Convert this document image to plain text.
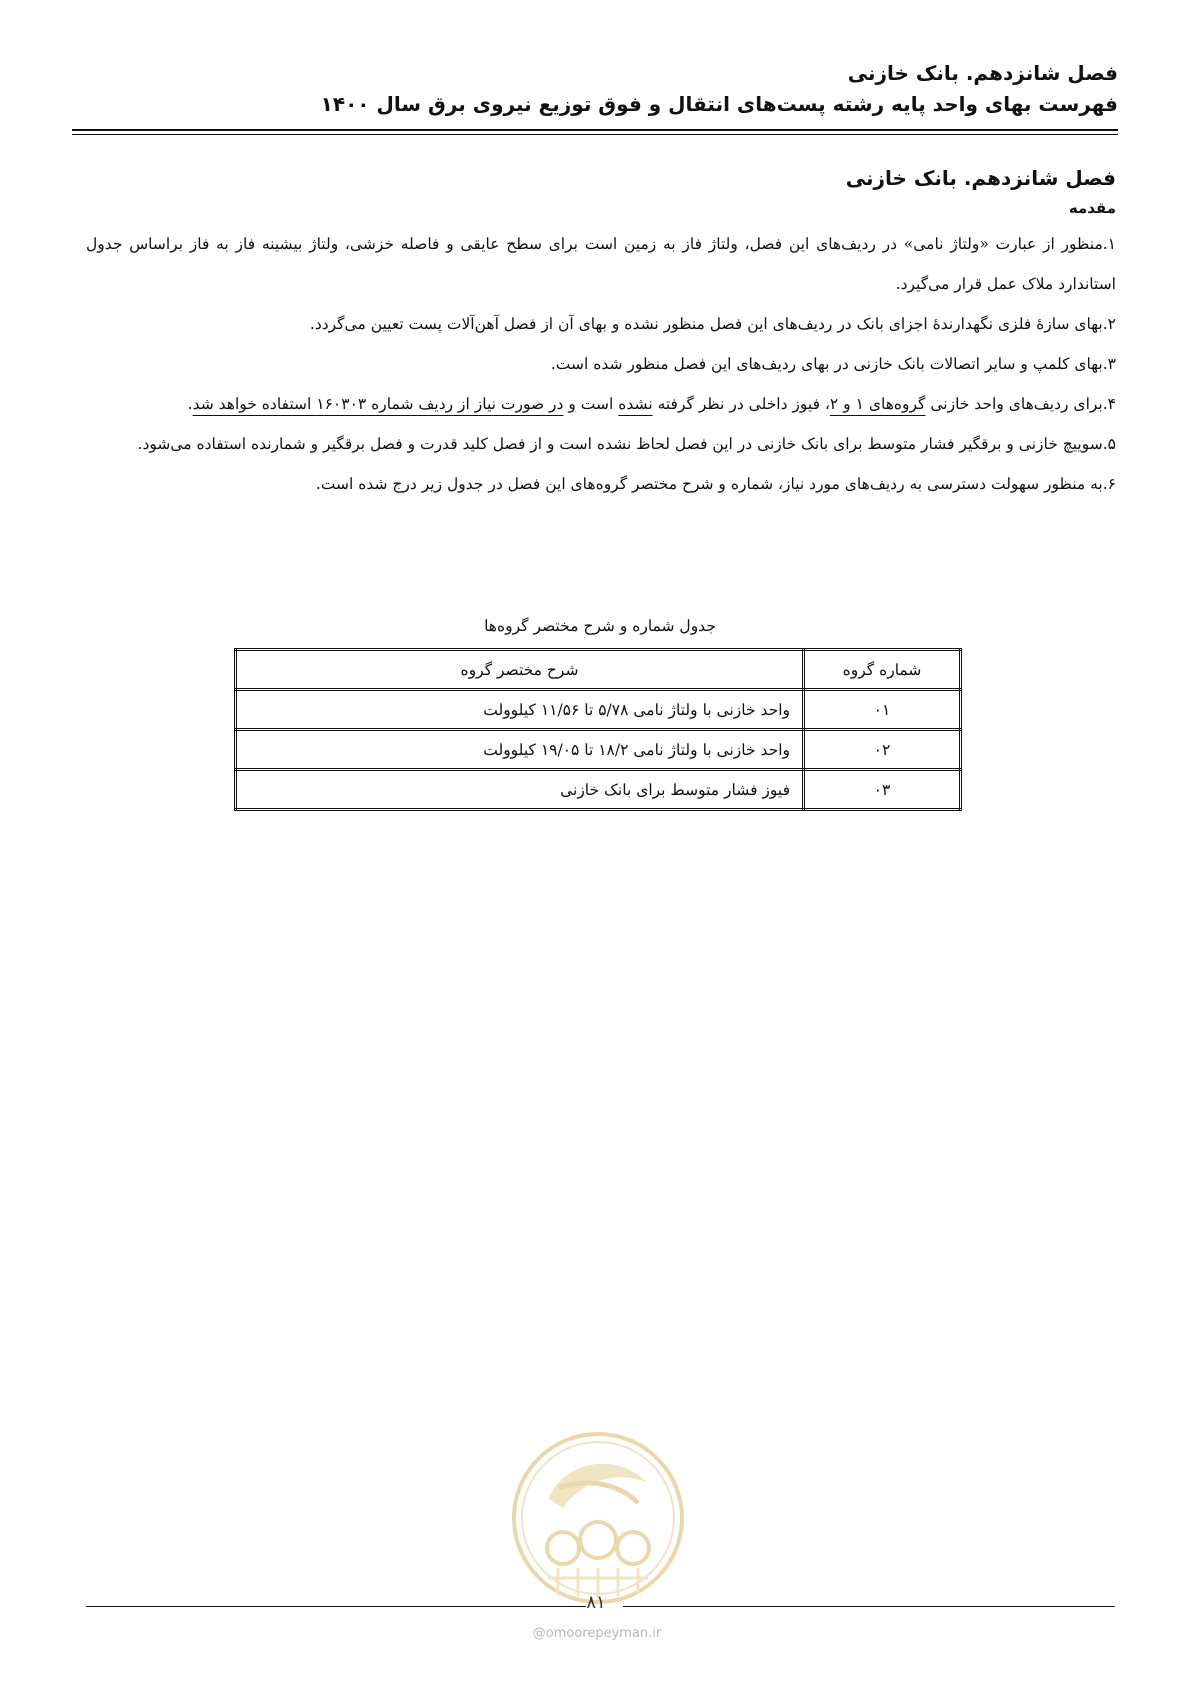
فصل شانزدهم. بانک خازنی
فهرست بهای واحد پایه رشته پست‌های انتقال و فوق توزیع نیروی برق سال ۱۴۰۰
فصل شانزدهم. بانک خازنی
مقدمه

۱.منظور از عبارت «ولتاژ نامی» در ردیف‌های این فصل، ولتاژ فاز به زمین است برای سطح عایقی و فاصله خزشی، ولتاژ بیشینه فاز به فاز براساس جدول استاندارد ملاک عمل قرار می‌گیرد.

۲.بهای سازهٔ فلزی نگهدارندهٔ اجزای بانک در ردیف‌های این فصل منظور نشده و بهای آن از فصل آهن‌آلات پست تعیین می‌گردد.

۳.بهای کلمپ و سایر اتصالات بانک خازنی در بهای ردیف‌های این فصل منظور شده است.

۴.برای ردیف‌های واحد خازنی گروه‌های ۱ و ۲، فیوز داخلی در نظر گرفته نشده است و در صورت نیاز از ردیف شماره ۱۶۰۳۰۳ استفاده خواهد شد.

۵.سوییچ خازنی و برقگیر فشار متوسط برای بانک خازنی در این فصل لحاظ نشده است و از فصل کلید قدرت و فصل برقگیر و شمارنده استفاده می‌شود.

۶.به منظور سهولت دسترسی به ردیف‌های مورد نیاز، شماره و شرح مختصر گروه‌های این فصل در جدول زیر درج شده است.

جدول شماره و شرح مختصر گروه‌ها
شماره گروه	شرح مختصر گروه
۰۱	واحد خازنی با ولتاژ نامی ۵/۷۸ تا ۱۱/۵۶ کیلوولت
۰۲	واحد خازنی با ولتاژ نامی ۱۸/۲ تا ۱۹/۰۵ کیلوولت
۰۳	فیوز فشار متوسط برای بانک خازنی
۸۱
@omoorepeyman.ir
